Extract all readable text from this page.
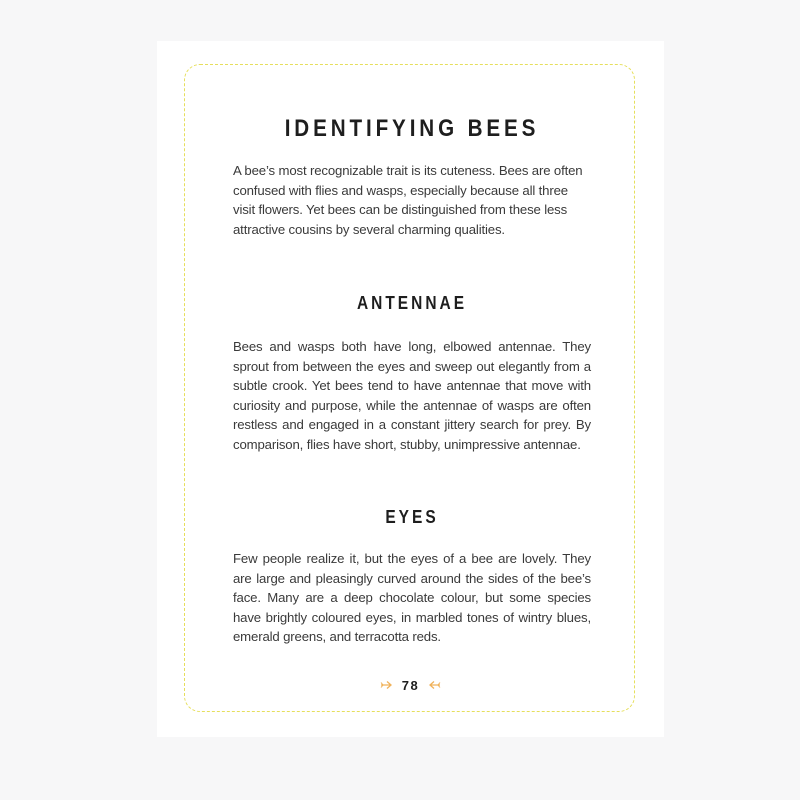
IDENTIFYING BEES

A bee’s most recognizable trait is its cuteness. Bees are often confused with flies and wasps, especially because all three visit flowers. Yet bees can be distinguished from these less attractive cousins by several charming qualities.

ANTENNAE

Bees and wasps both have long, elbowed antennae. They sprout from between the eyes and sweep out elegantly from a subtle crook. Yet bees tend to have antennae that move with curiosity and purpose, while the antennae of wasps are often restless and engaged in a constant jittery search for prey. By comparison, flies have short, stubby, unimpressive antennae.

EYES

Few people realize it, but the eyes of a bee are lovely. They are large and pleasingly curved around the sides of the bee’s face. Many are a deep chocolate colour, but some species have brightly coloured eyes, in marbled tones of wintry blues, emerald greens, and terracotta reds.

78
